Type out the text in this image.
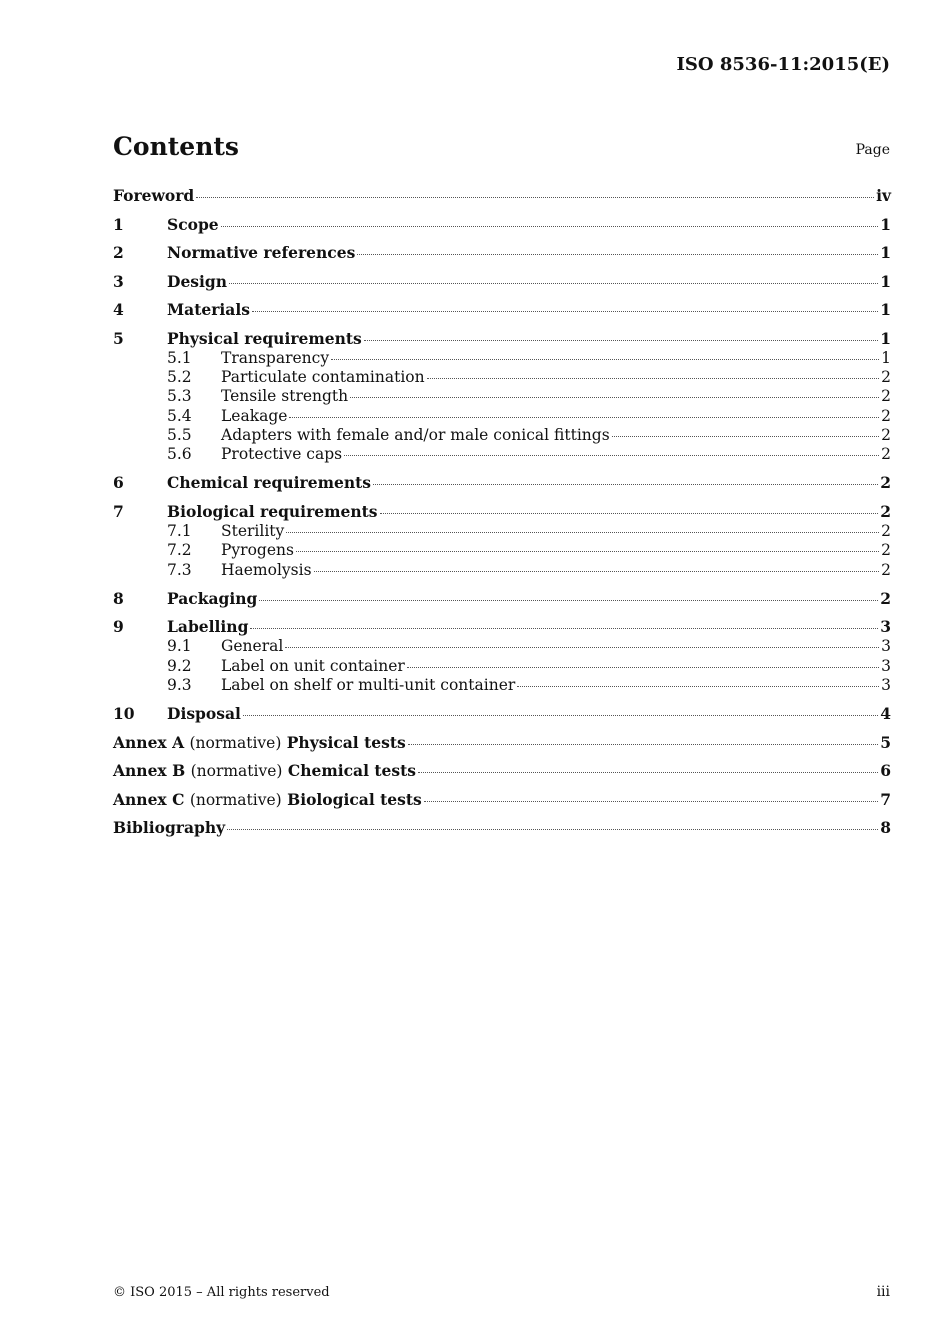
ISO 8536-11:2015(E)
Contents	Page
Foreword	iv
1	Scope	1
2	Normative references	1
3	Design	1
4	Materials	1
5	Physical requirements	1
5.1	Transparency	1
5.2	Particulate contamination	2
5.3	Tensile strength	2
5.4	Leakage	2
5.5	Adapters with female and/or male conical fittings	2
5.6	Protective caps	2
6	Chemical requirements	2
7	Biological requirements	2
7.1	Sterility	2
7.2	Pyrogens	2
7.3	Haemolysis	2
8	Packaging	2
9	Labelling	3
9.1	General	3
9.2	Label on unit container	3
9.3	Label on shelf or multi-unit container	3
10	Disposal	4
Annex A (normative) Physical tests	5
Annex B (normative) Chemical tests	6
Annex C (normative) Biological tests	7
Bibliography	8
© ISO 2015 – All rights reserved	iii
